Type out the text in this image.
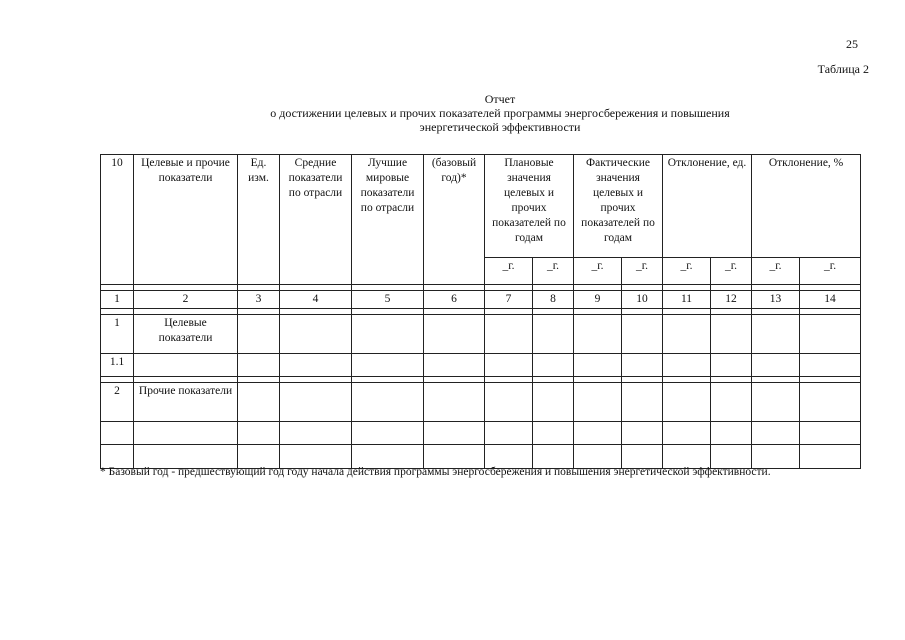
25
Таблица 2
Отчет
о достижении целевых и прочих показателей программы энергосбережения и повышения
энергетической эффективности
10	Целевые и прочие показатели	Ед. изм.	Средние показатели по отрасли	Лучшие мировые показатели по отрасли	(базовый год)*	Плановые значения целевых и прочих показателей по годам		Фактические значения целевых и прочих показателей по годам		Отклонение, ед.		Отклонение, %	
						_г.	_г.	_г.	_г.	_г.	_г.	_г.	_г.

1	2	3	4	5	6	7	8	9	10	11	12	13	14

1	Целевые показатели												
1.1													

2	Прочие показатели												

* Базовый год - предшествующий год году начала действия программы энергосбережения и повышения энергетической эффективности.
